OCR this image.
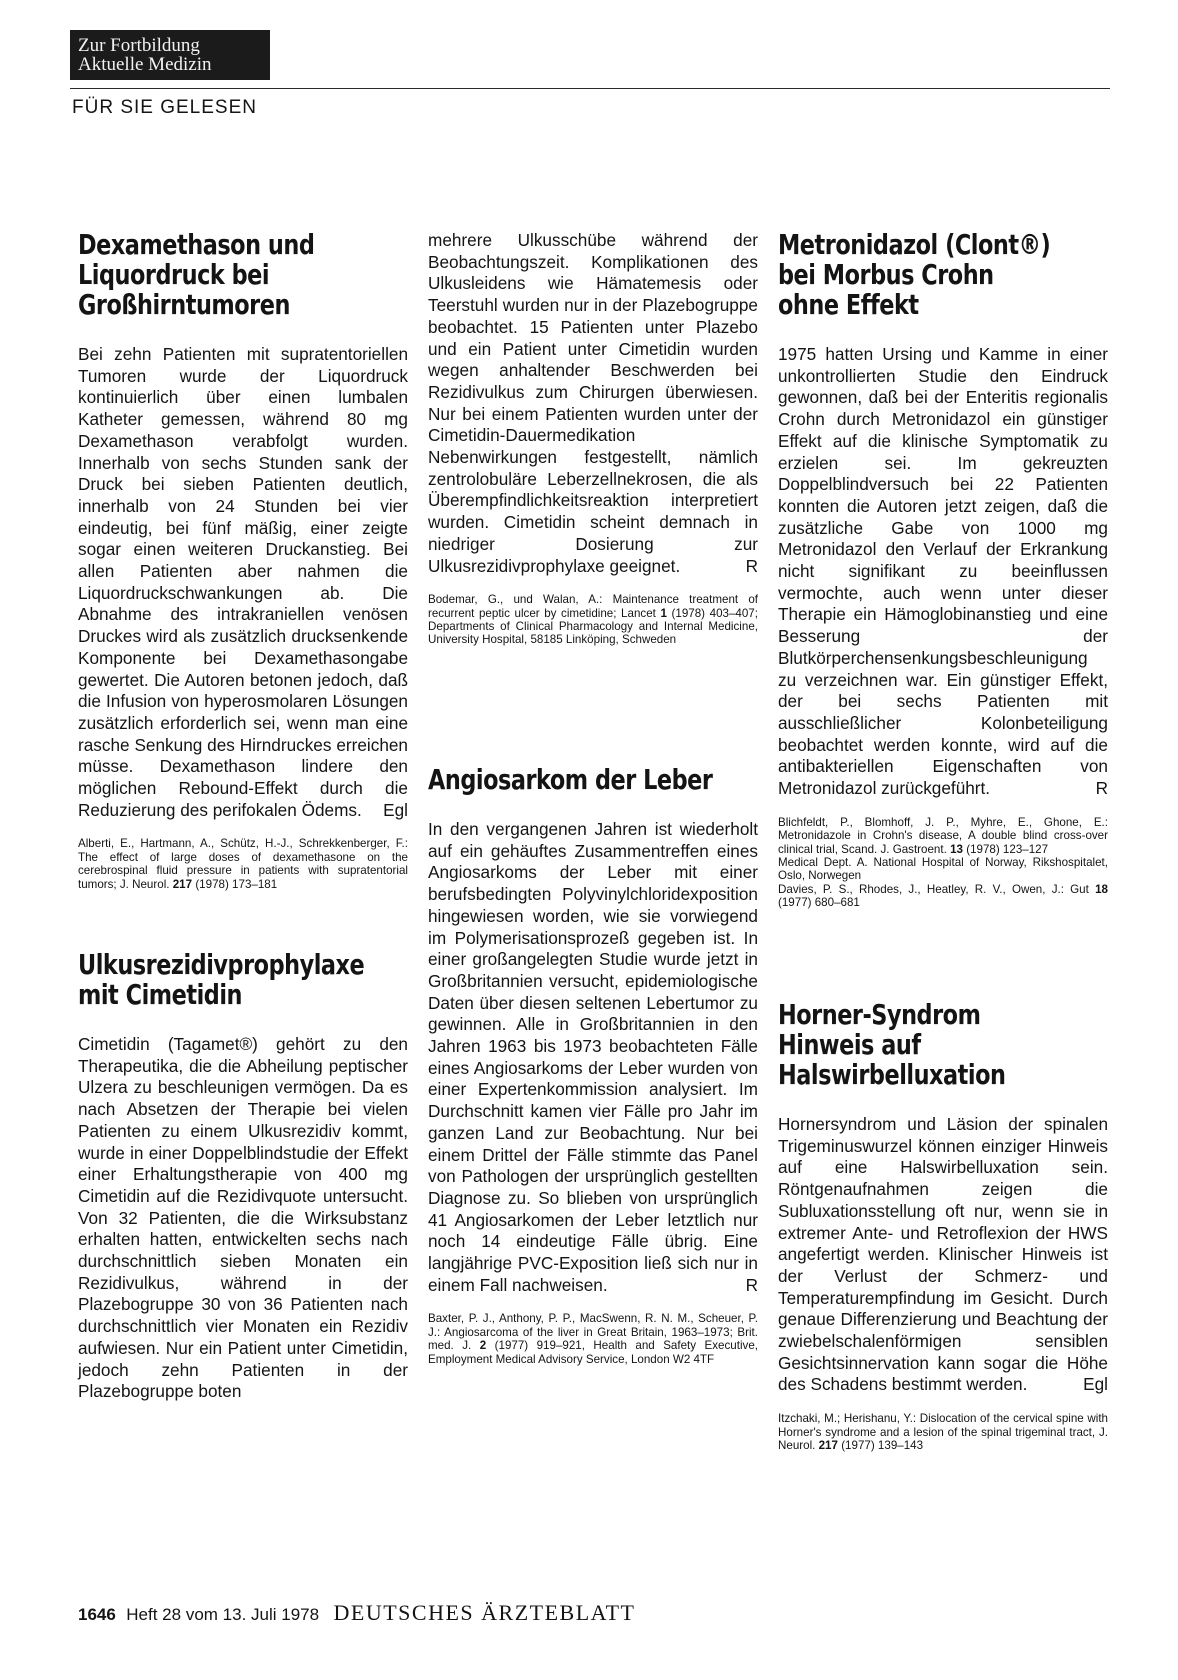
Zur Fortbildung
Aktuelle Medizin
FÜR SIE GELESEN
Dexamethason und
Liquordruck bei
Großhirntumoren

Bei zehn Patienten mit supratentoriellen Tumoren wurde der Liquordruck kontinuierlich über einen lumbalen Katheter gemessen, während 80 mg Dexamethason verabfolgt wurden. Innerhalb von sechs Stunden sank der Druck bei sieben Patienten deutlich, innerhalb von 24 Stunden bei vier eindeutig, bei fünf mäßig, einer zeigte sogar einen weiteren Druckanstieg. Bei allen Patienten aber nahmen die Liquordruckschwankungen ab. Die Abnahme des intrakraniellen venösen Druckes wird als zusätzlich drucksenkende Komponente bei Dexamethasongabe gewertet. Die Autoren betonen jedoch, daß die Infusion von hyperosmolaren Lösungen zusätzlich erforderlich sei, wenn man eine rasche Senkung des Hirndruckes erreichen müsse. Dexamethason lindere den möglichen Rebound-Effekt durch die Reduzierung des perifokalen Ödems. Egl

Alberti, E., Hartmann, A., Schütz, H.-J., Schrekkenberger, F.: The effect of large doses of dexamethasone on the cerebrospinal fluid pressure in patients with supratentorial tumors; J. Neurol. 217 (1978) 173–181

Ulkusrezidivprophylaxe
mit Cimetidin

Cimetidin (Tagamet®) gehört zu den Therapeutika, die die Abheilung peptischer Ulzera zu beschleunigen vermögen. Da es nach Absetzen der Therapie bei vielen Patienten zu einem Ulkusrezidiv kommt, wurde in einer Doppelblindstudie der Effekt einer Erhaltungstherapie von 400 mg Cimetidin auf die Rezidivquote untersucht. Von 32 Patienten, die die Wirksubstanz erhalten hatten, entwickelten sechs nach durchschnittlich sieben Monaten ein Rezidivulkus, während in der Plazebogruppe 30 von 36 Patienten nach durchschnittlich vier Monaten ein Rezidiv aufwiesen. Nur ein Patient unter Cimetidin, jedoch zehn Patienten in der Plazebogruppe boten

mehrere Ulkusschübe während der Beobachtungszeit. Komplikationen des Ulkusleidens wie Hämatemesis oder Teerstuhl wurden nur in der Plazebogruppe beobachtet. 15 Patienten unter Plazebo und ein Patient unter Cimetidin wurden wegen anhaltender Beschwerden bei Rezidivulkus zum Chirurgen überwiesen. Nur bei einem Patienten wurden unter der Cimetidin-Dauermedikation Nebenwirkungen festgestellt, nämlich zentrolobuläre Leberzellnekrosen, die als Überempfindlichkeitsreaktion interpretiert wurden. Cimetidin scheint demnach in niedriger Dosierung zur Ulkusrezidivprophylaxe geeignet.	R

Bodemar, G., und Walan, A.: Maintenance treatment of recurrent peptic ulcer by cimetidine; Lancet 1 (1978) 403–407; Departments of Clinical Pharmacology and Internal Medicine, University Hospital, 58185 Linköping, Schweden

Angiosarkom der Leber

In den vergangenen Jahren ist wiederholt auf ein gehäuftes Zusammentreffen eines Angiosarkoms der Leber mit einer berufsbedingten Polyvinylchloridexposition hingewiesen worden, wie sie vorwiegend im Polymerisationsprozeß gegeben ist. In einer großangelegten Studie wurde jetzt in Großbritannien versucht, epidemiologische Daten über diesen seltenen Lebertumor zu gewinnen. Alle in Großbritannien in den Jahren 1963 bis 1973 beobachteten Fälle eines Angiosarkoms der Leber wurden von einer Expertenkommission analysiert. Im Durchschnitt kamen vier Fälle pro Jahr im ganzen Land zur Beobachtung. Nur bei einem Drittel der Fälle stimmte das Panel von Pathologen der ursprünglich gestellten Diagnose zu. So blieben von ursprünglich 41 Angiosarkomen der Leber letztlich nur noch 14 eindeutige Fälle übrig. Eine langjährige PVC-Exposition ließ sich nur in einem Fall nachweisen.	R

Baxter, P. J., Anthony, P. P., MacSwenn, R. N. M., Scheuer, P. J.: Angiosarcoma of the liver in Great Britain, 1963–1973; Brit. med. J. 2 (1977) 919–921, Health and Safety Executive, Employment Medical Advisory Service, London W2 4TF

Metronidazol (Clont®)
bei Morbus Crohn
ohne Effekt

1975 hatten Ursing und Kamme in einer unkontrollierten Studie den Eindruck gewonnen, daß bei der Enteritis regionalis Crohn durch Metronidazol ein günstiger Effekt auf die klinische Symptomatik zu erzielen sei. Im gekreuzten Doppelblindversuch bei 22 Patienten konnten die Autoren jetzt zeigen, daß die zusätzliche Gabe von 1000 mg Metronidazol den Verlauf der Erkrankung nicht signifikant zu beeinflussen vermochte, auch wenn unter dieser Therapie ein Hämoglobinanstieg und eine Besserung der Blutkörperchensenkungsbeschleunigung zu verzeichnen war. Ein günstiger Effekt, der bei sechs Patienten mit ausschließlicher Kolonbeteiligung beobachtet werden konnte, wird auf die antibakteriellen Eigenschaften von Metronidazol zurückgeführt.	R

Blichfeldt, P., Blomhoff, J. P., Myhre, E., Ghone, E.: Metronidazole in Crohn's disease, A double blind cross-over clinical trial, Scand. J. Gastroent. 13 (1978) 123–127
Medical Dept. A. National Hospital of Norway, Rikshospitalet, Oslo, Norwegen
Davies, P. S., Rhodes, J., Heatley, R. V., Owen, J.: Gut 18 (1977) 680–681

Horner-Syndrom
Hinweis auf
Halswirbelluxation

Hornersyndrom und Läsion der spinalen Trigeminuswurzel können einziger Hinweis auf eine Halswirbelluxation sein. Röntgenaufnahmen zeigen die Subluxationsstellung oft nur, wenn sie in extremer Ante- und Retroflexion der HWS angefertigt werden. Klinischer Hinweis ist der Verlust der Schmerz- und Temperaturempfindung im Gesicht. Durch genaue Differenzierung und Beachtung der zwiebelschalenförmigen sensiblen Gesichtsinnervation kann sogar die Höhe des Schadens bestimmt werden.	Egl

Itzchaki, M.; Herishanu, Y.: Dislocation of the cervical spine with Horner's syndrome and a lesion of the spinal trigeminal tract, J. Neurol. 217 (1977) 139–143

1646 Heft 28 vom 13. Juli 1978 DEUTSCHES ÄRZTEBLATT
